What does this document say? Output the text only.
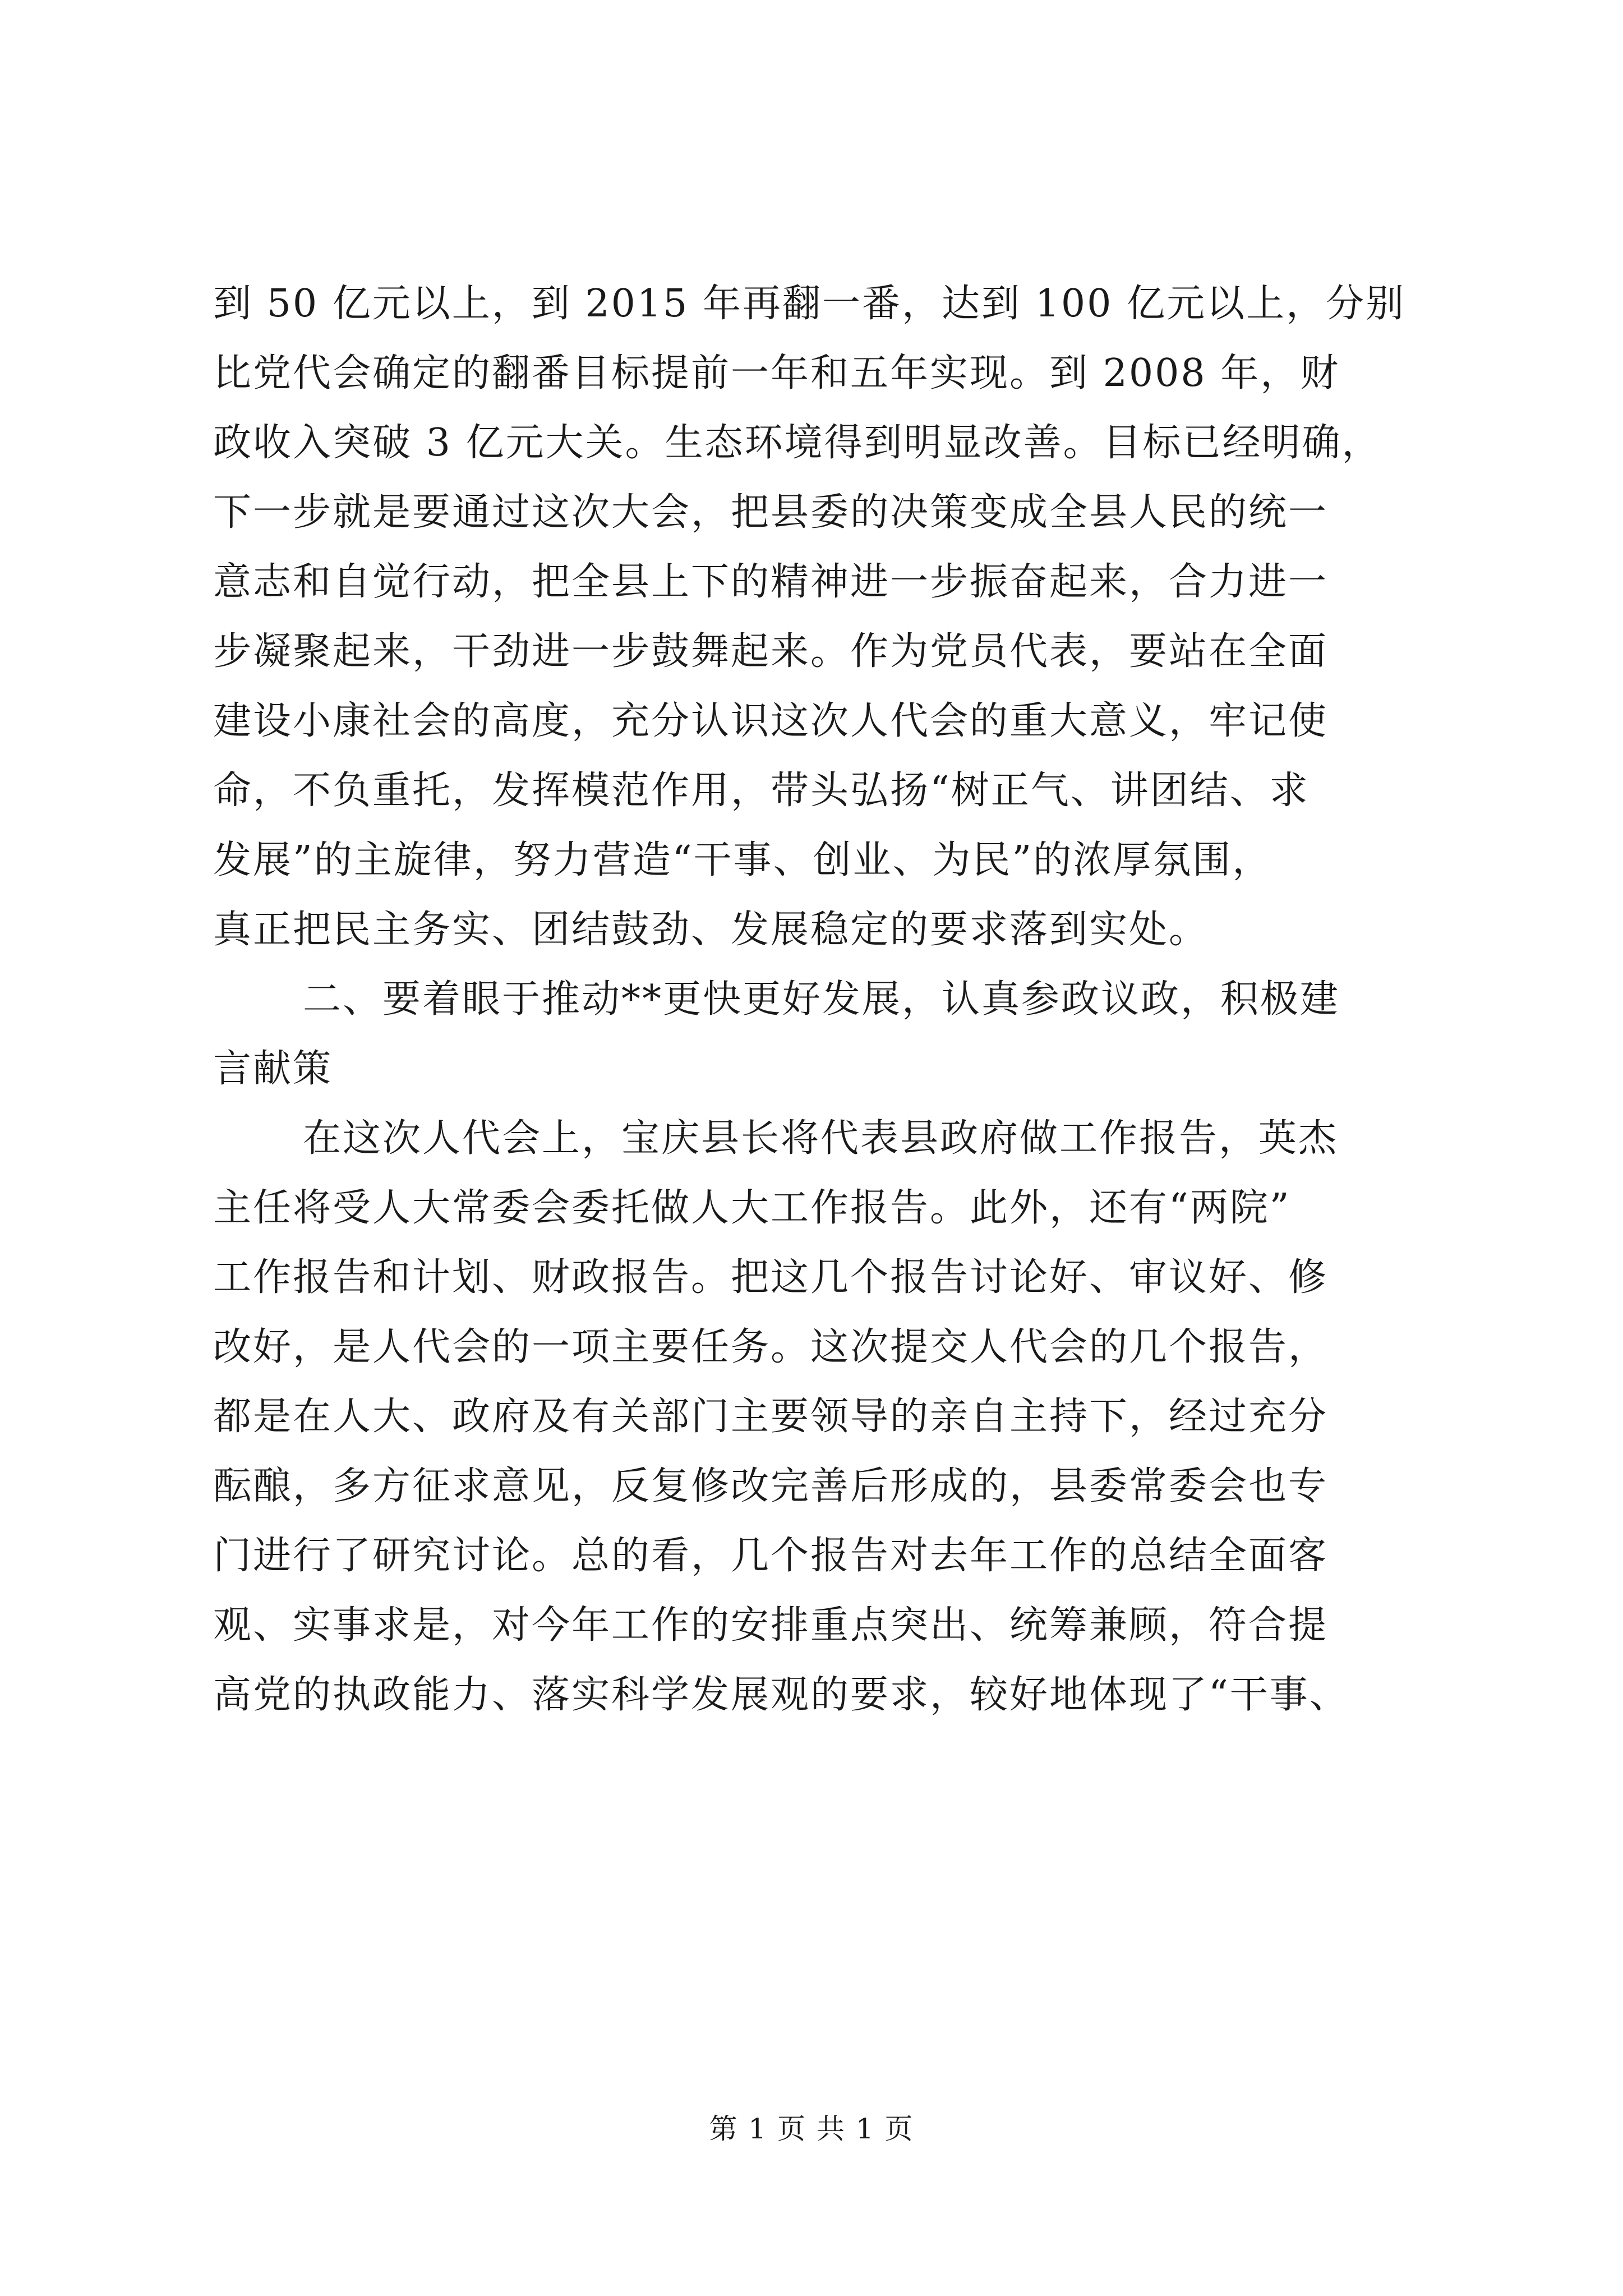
到 50 亿元以上，到 2015 年再翻一番，达到 100 亿元以上，分别

比党代会确定的翻番目标提前一年和五年实现。到 2008 年，财

政收入突破 3 亿元大关。生态环境得到明显改善。目标已经明确，

下一步就是要通过这次大会，把县委的决策变成全县人民的统一

意志和自觉行动，把全县上下的精神进一步振奋起来，合力进一

步凝聚起来，干劲进一步鼓舞起来。作为党员代表，要站在全面

建设小康社会的高度，充分认识这次人代会的重大意义，牢记使

命，不负重托，发挥模范作用，带头弘扬“树正气、讲团结、求

发展”的主旋律，努力营造“干事、创业、为民”的浓厚氛围，

真正把民主务实、团结鼓劲、发展稳定的要求落到实处。

二、要着眼于推动**更快更好发展，认真参政议政，积极建

言献策

在这次人代会上，宝庆县长将代表县政府做工作报告，英杰

主任将受人大常委会委托做人大工作报告。此外，还有“两院”

工作报告和计划、财政报告。把这几个报告讨论好、审议好、修

改好，是人代会的一项主要任务。这次提交人代会的几个报告，

都是在人大、政府及有关部门主要领导的亲自主持下，经过充分

酝酿，多方征求意见，反复修改完善后形成的，县委常委会也专

门进行了研究讨论。总的看，几个报告对去年工作的总结全面客

观、实事求是，对今年工作的安排重点突出、统筹兼顾，符合提

高党的执政能力、落实科学发展观的要求，较好地体现了“干事、

第 1 页 共 1 页
